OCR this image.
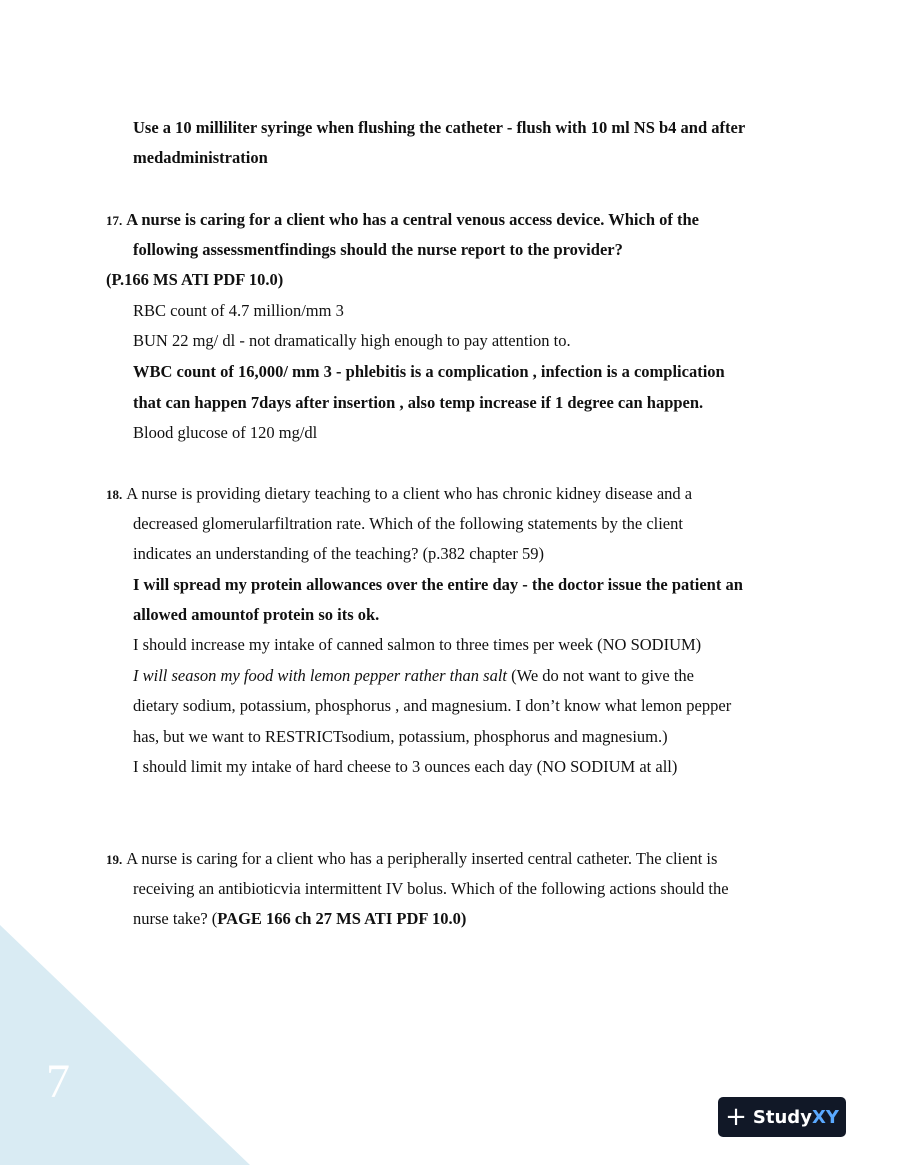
7
Use a 10 milliliter syringe when flushing the catheter - flush with 10 ml NS b4 and after
medadministration
17. A nurse is caring for a client who has a central venous access device. Which of the
following assessmentfindings should the nurse report to the provider?
(P.166 MS ATI PDF 10.0)
RBC count of 4.7 million/mm 3
BUN 22 mg/ dl - not dramatically high enough to pay attention to.
WBC count of 16,000/ mm 3 - phlebitis is a complication , infection is a complication
that can happen 7days after insertion , also temp increase if 1 degree can happen.
Blood glucose of 120 mg/dl
18. A nurse is providing dietary teaching to a client who has chronic kidney disease and a
decreased glomerularfiltration rate. Which of the following statements by the client
indicates an understanding of the teaching? (p.382 chapter 59)
I will spread my protein allowances over the entire day - the doctor issue the patient an
allowed amountof protein so its ok.
I should increase my intake of canned salmon to three times per week (NO SODIUM)
I will season my food with lemon pepper rather than salt (We do not want to give the
dietary sodium, potassium, phosphorus , and magnesium. I don’t know what lemon pepper
has, but we want to RESTRICTsodium, potassium, phosphorus and magnesium.)
I should limit my intake of hard cheese to 3 ounces each day (NO SODIUM at all)
19. A nurse is caring for a client who has a peripherally inserted central catheter. The client is
receiving an antibioticvia intermittent IV bolus. Which of the following actions should the
nurse take? (PAGE 166 ch 27 MS ATI PDF 10.0)
+ Study XY
